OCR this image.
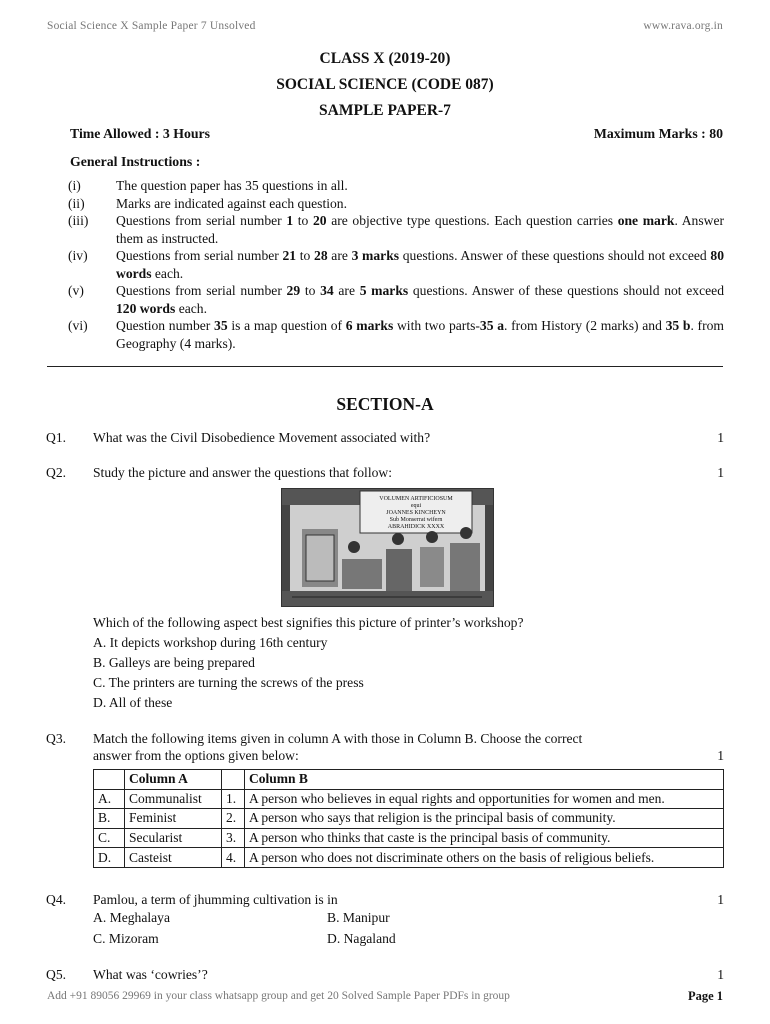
Social Science X Sample Paper 7 Unsolved	www.rava.org.in
CLASS X (2019-20)
SOCIAL SCIENCE (CODE 087)
SAMPLE PAPER-7
Time Allowed : 3 Hours	Maximum Marks : 80
General Instructions :
(i)	The question paper has 35 questions in all.
(ii)	Marks are indicated against each question.
(iii)	Questions from serial number 1 to 20 are objective type questions. Each question carries one mark. Answer them as instructed.
(iv)	Questions from serial number 21 to 28 are 3 marks questions. Answer of these questions should not exceed 80 words each.
(v)	Questions from serial number 29 to 34 are 5 marks questions. Answer of these questions should not exceed 120 words each.
(vi)	Question number 35 is a map question of 6 marks with two parts-35 a. from History (2 marks) and 35 b. from Geography (4 marks).
SECTION-A
Q1. What was the Civil Disobedience Movement associated with?	1
Q2. Study the picture and answer the questions that follow:	1
VOLUMEN ARTIFICIOSUM
equi
JOANNES KINCHEYN
Sub Monserrat wifern
ABRAHIDICK XXXX
Which of the following aspect best signifies this picture of printer’s workshop?
A. It depicts workshop during 16th century
B. Galleys are being prepared
C. The printers are turning the screws of the press
D. All of these
Q3. Match the following items given in column A with those in Column B. Choose the correct
answer from the options given below:	1
	Column A		Column B
A.	Communalist	1.	A person who believes in equal rights and opportunities for women and men.
B.	Feminist	2.	A person who says that religion is the principal basis of community.
C.	Secularist	3.	A person who thinks that caste is the principal basis of community.
D.	Casteist	4.	A person who does not discriminate others on the basis of religious beliefs.
Q4. Pamlou, a term of jhumming cultivation is in	1
A. Meghalaya	B. Manipur
C. Mizoram	D. Nagaland
Q5. What was ‘cowries’?	1
Add +91 89056 29969 in your class whatsapp group and get 20 Solved Sample Paper PDFs in group	Page 1
